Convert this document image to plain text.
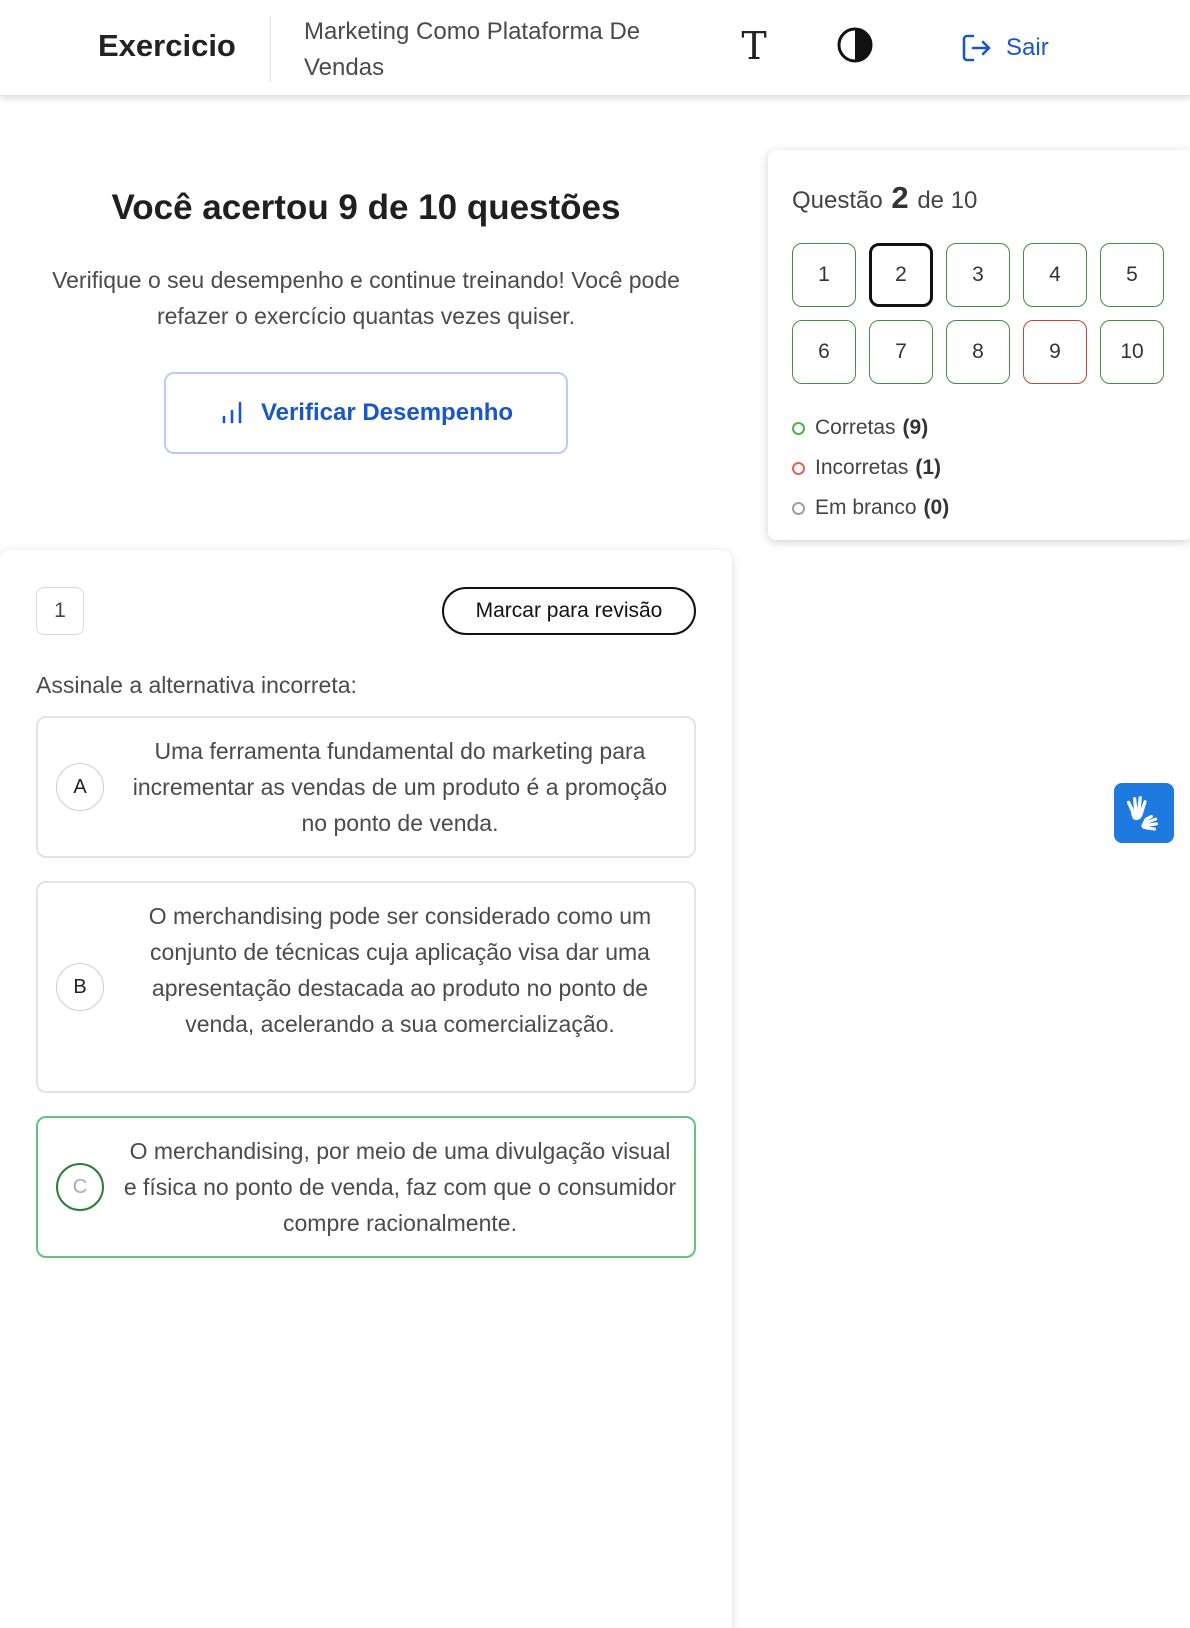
Exercicio	Marketing Como Plataforma De Vendas	T	Sair
Você acertou 9 de 10 questões
Verifique o seu desempenho e continue treinando! Você pode refazer o exercício quantas vezes quiser.
Verificar Desempenho
Questão 2 de 10
1	2	3	4	5
6	7	8	9	10
Corretas (9)
Incorretas (1)
Em branco (0)
1	Marcar para revisão
Assinale a alternativa incorreta:
A
Uma ferramenta fundamental do marketing para incrementar as vendas de um produto é a promoção no ponto de venda.
B
O merchandising pode ser considerado como um conjunto de técnicas cuja aplicação visa dar uma apresentação destacada ao produto no ponto de venda, acelerando a sua comercialização.
C
O merchandising, por meio de uma divulgação visual e física no ponto de venda, faz com que o consumidor compre racionalmente.
